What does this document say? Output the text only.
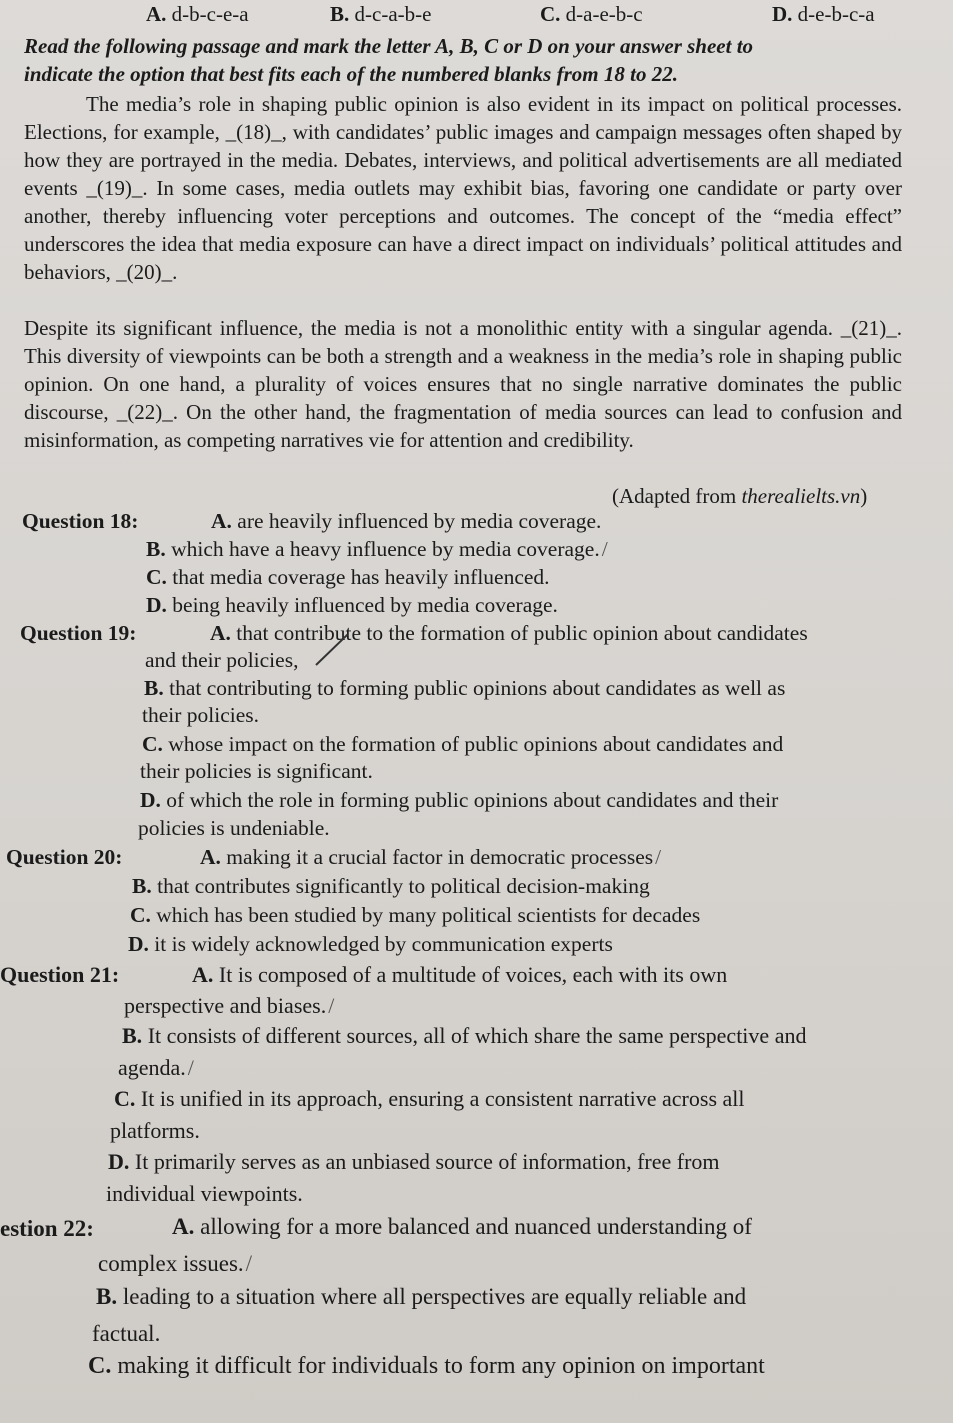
A. d-b-c-e-a	B. d-c-a-b-e	C. d-a-e-b-c	D. d-e-b-c-a
Read the following passage and mark the letter A, B, C or D on your answer sheet to
indicate the option that best fits each of the numbered blanks from 18 to 22.
The media’s role in shaping public opinion is also evident in its impact on political processes. Elections, for example, _(18)_, with candidates’ public images and campaign messages often shaped by how they are portrayed in the media. Debates, interviews, and political advertisements are all mediated events _(19)_. In some cases, media outlets may exhibit bias, favoring one candidate or party over another, thereby influencing voter perceptions and outcomes. The concept of the “media effect” underscores the idea that media exposure can have a direct impact on individuals’ political attitudes and behaviors, _(20)_.
Despite its significant influence, the media is not a monolithic entity with a singular agenda. _(21)_. This diversity of viewpoints can be both a strength and a weakness in the media’s role in shaping public opinion. On one hand, a plurality of voices ensures that no single narrative dominates the public discourse, _(22)_. On the other hand, the fragmentation of media sources can lead to confusion and misinformation, as competing narratives vie for attention and credibility.
(Adapted from therealielts.vn)
Question 18:	A. are heavily influenced by media coverage.
B. which have a heavy influence by media coverage./
C. that media coverage has heavily influenced.
D. being heavily influenced by media coverage.
Question 19:	A. that contribute to the formation of public opinion about candidates
and their policies,
B. that contributing to forming public opinions about candidates as well as
their policies.
C. whose impact on the formation of public opinions about candidates and
their policies is significant.
D. of which the role in forming public opinions about candidates and their
policies is undeniable.
Question 20:	A. making it a crucial factor in democratic processes/
B. that contributes significantly to political decision-making
C. which has been studied by many political scientists for decades
D. it is widely acknowledged by communication experts
Question 21:	A. It is composed of a multitude of voices, each with its own
perspective and biases./
B. It consists of different sources, all of which share the same perspective and
agenda./
C. It is unified in its approach, ensuring a consistent narrative across all
platforms.
D. It primarily serves as an unbiased source of information, free from
individual viewpoints.
estion 22:	A. allowing for a more balanced and nuanced understanding of
complex issues./
B. leading to a situation where all perspectives are equally reliable and
factual.
C. making it difficult for individuals to form any opinion on important
